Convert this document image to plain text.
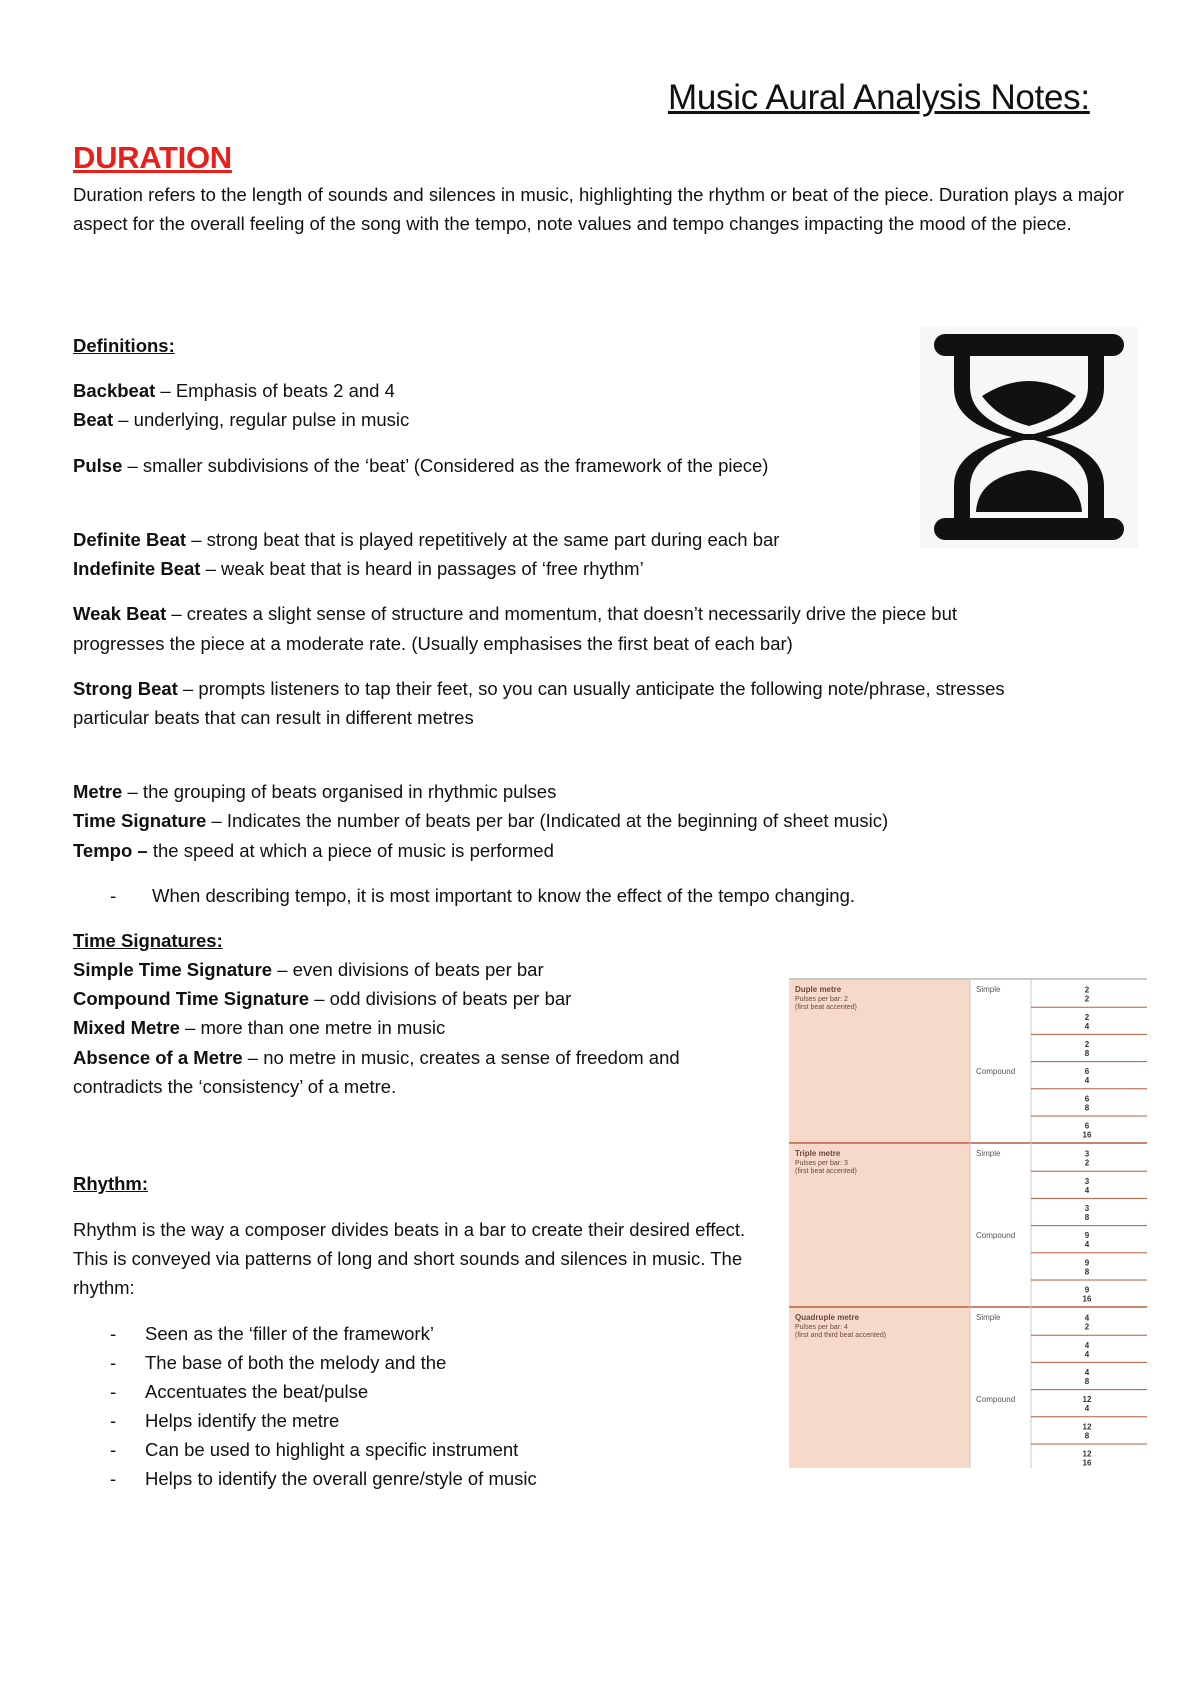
Music Aural Analysis Notes:
DURATION
Duration refers to the length of sounds and silences in music, highlighting the rhythm or beat of the piece. Duration plays a major aspect for the overall feeling of the song with the tempo, note values and tempo changes impacting the mood of the piece.
Definitions:
Backbeat – Emphasis of beats 2 and 4
Beat – underlying, regular pulse in music
Pulse – smaller subdivisions of the ‘beat’ (Considered as the framework of the piece)
Definite Beat – strong beat that is played repetitively at the same part during each bar
Indefinite Beat – weak beat that is heard in passages of ‘free rhythm’
Weak Beat – creates a slight sense of structure and momentum, that doesn’t necessarily drive the piece but
progresses the piece at a moderate rate. (Usually emphasises the first beat of each bar)
Strong Beat – prompts listeners to tap their feet, so you can usually anticipate the following note/phrase, stresses
particular beats that can result in different metres
Metre – the grouping of beats organised in rhythmic pulses
Time Signature – Indicates the number of beats per bar (Indicated at the beginning of sheet music)
Tempo – the speed at which a piece of music is performed
- When describing tempo, it is most important to know the effect of the tempo changing.
Time Signatures:
Simple Time Signature – even divisions of beats per bar
Compound Time Signature – odd divisions of beats per bar
Mixed Metre – more than one metre in music
Absence of a Metre – no metre in music, creates a sense of freedom and
contradicts the ‘consistency’ of a metre.
Rhythm:
Rhythm is the way a composer divides beats in a bar to create their desired effect. This is conveyed via patterns of long and short sounds and silences in music. The rhythm:
- Seen as the ‘filler of the framework’
- The base of both the melody and the
- Accentuates the beat/pulse
- Helps identify the metre
- Can be used to highlight a specific instrument
- Helps to identify the overall genre/style of music
Duple metre
Pulses per bar: 2
(first beat accented)
Simple
Compound
Triple metre
Pulses per bar: 3
(first beat accented)
Simple
Compound
Quadruple metre
Pulses per bar: 4
(first and third beat accented)
Simple
Compound
2
2
2
4
2
8
6
4
6
8
6
16
3
2
3
4
3
8
9
4
9
8
9
16
4
2
4
4
4
8
12
4
12
8
12
16
